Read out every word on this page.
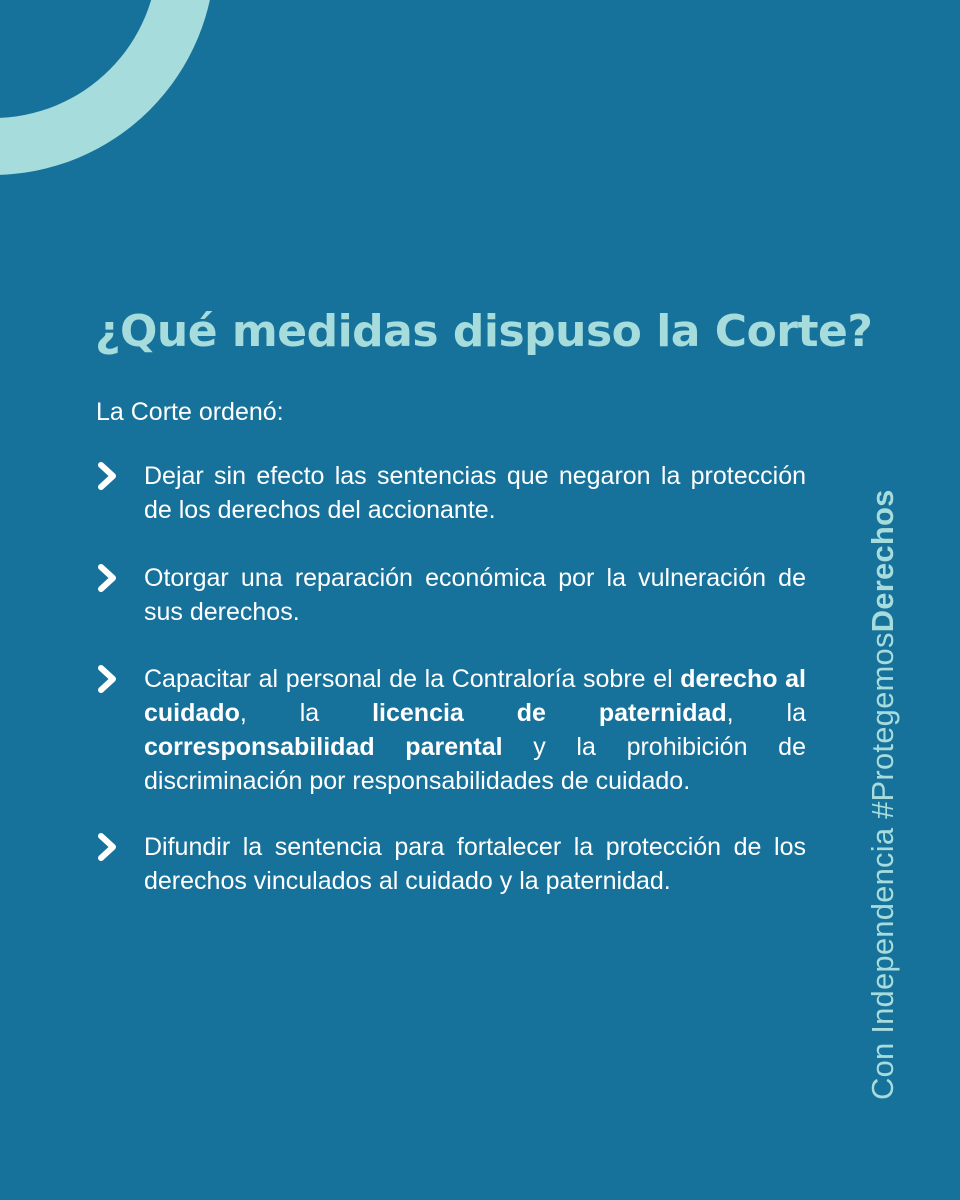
¿Qué medidas dispuso la Corte?
La Corte ordenó:
Dejar sin efecto las sentencias que negaron la protección de los derechos del accionante.
Otorgar una reparación económica por la vulneración de sus derechos.
Capacitar al personal de la Contraloría sobre el derecho al cuidado, la licencia de paternidad, la corresponsabilidad parental y la prohibición de discriminación por responsabilidades de cuidado.
Difundir la sentencia para fortalecer la protección de los derechos vinculados al cuidado y la paternidad.	Con Independencia #ProtegemosDerechos
